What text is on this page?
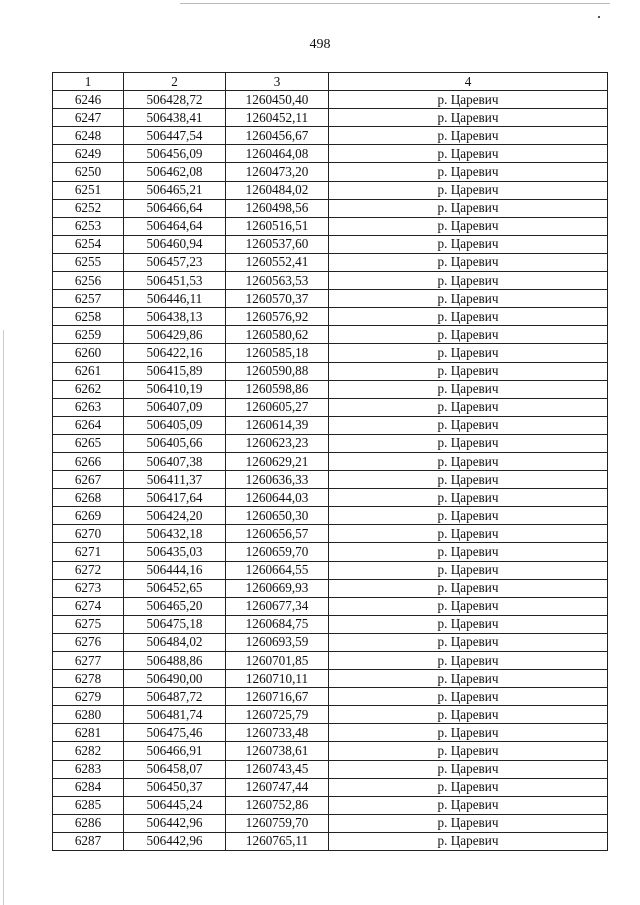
498
1	2	3	4
6246	506428,72	1260450,40	р. Царевич
6247	506438,41	1260452,11	р. Царевич
6248	506447,54	1260456,67	р. Царевич
6249	506456,09	1260464,08	р. Царевич
6250	506462,08	1260473,20	р. Царевич
6251	506465,21	1260484,02	р. Царевич
6252	506466,64	1260498,56	р. Царевич
6253	506464,64	1260516,51	р. Царевич
6254	506460,94	1260537,60	р. Царевич
6255	506457,23	1260552,41	р. Царевич
6256	506451,53	1260563,53	р. Царевич
6257	506446,11	1260570,37	р. Царевич
6258	506438,13	1260576,92	р. Царевич
6259	506429,86	1260580,62	р. Царевич
6260	506422,16	1260585,18	р. Царевич
6261	506415,89	1260590,88	р. Царевич
6262	506410,19	1260598,86	р. Царевич
6263	506407,09	1260605,27	р. Царевич
6264	506405,09	1260614,39	р. Царевич
6265	506405,66	1260623,23	р. Царевич
6266	506407,38	1260629,21	р. Царевич
6267	506411,37	1260636,33	р. Царевич
6268	506417,64	1260644,03	р. Царевич
6269	506424,20	1260650,30	р. Царевич
6270	506432,18	1260656,57	р. Царевич
6271	506435,03	1260659,70	р. Царевич
6272	506444,16	1260664,55	р. Царевич
6273	506452,65	1260669,93	р. Царевич
6274	506465,20	1260677,34	р. Царевич
6275	506475,18	1260684,75	р. Царевич
6276	506484,02	1260693,59	р. Царевич
6277	506488,86	1260701,85	р. Царевич
6278	506490,00	1260710,11	р. Царевич
6279	506487,72	1260716,67	р. Царевич
6280	506481,74	1260725,79	р. Царевич
6281	506475,46	1260733,48	р. Царевич
6282	506466,91	1260738,61	р. Царевич
6283	506458,07	1260743,45	р. Царевич
6284	506450,37	1260747,44	р. Царевич
6285	506445,24	1260752,86	р. Царевич
6286	506442,96	1260759,70	р. Царевич
6287	506442,96	1260765,11	р. Царевич
